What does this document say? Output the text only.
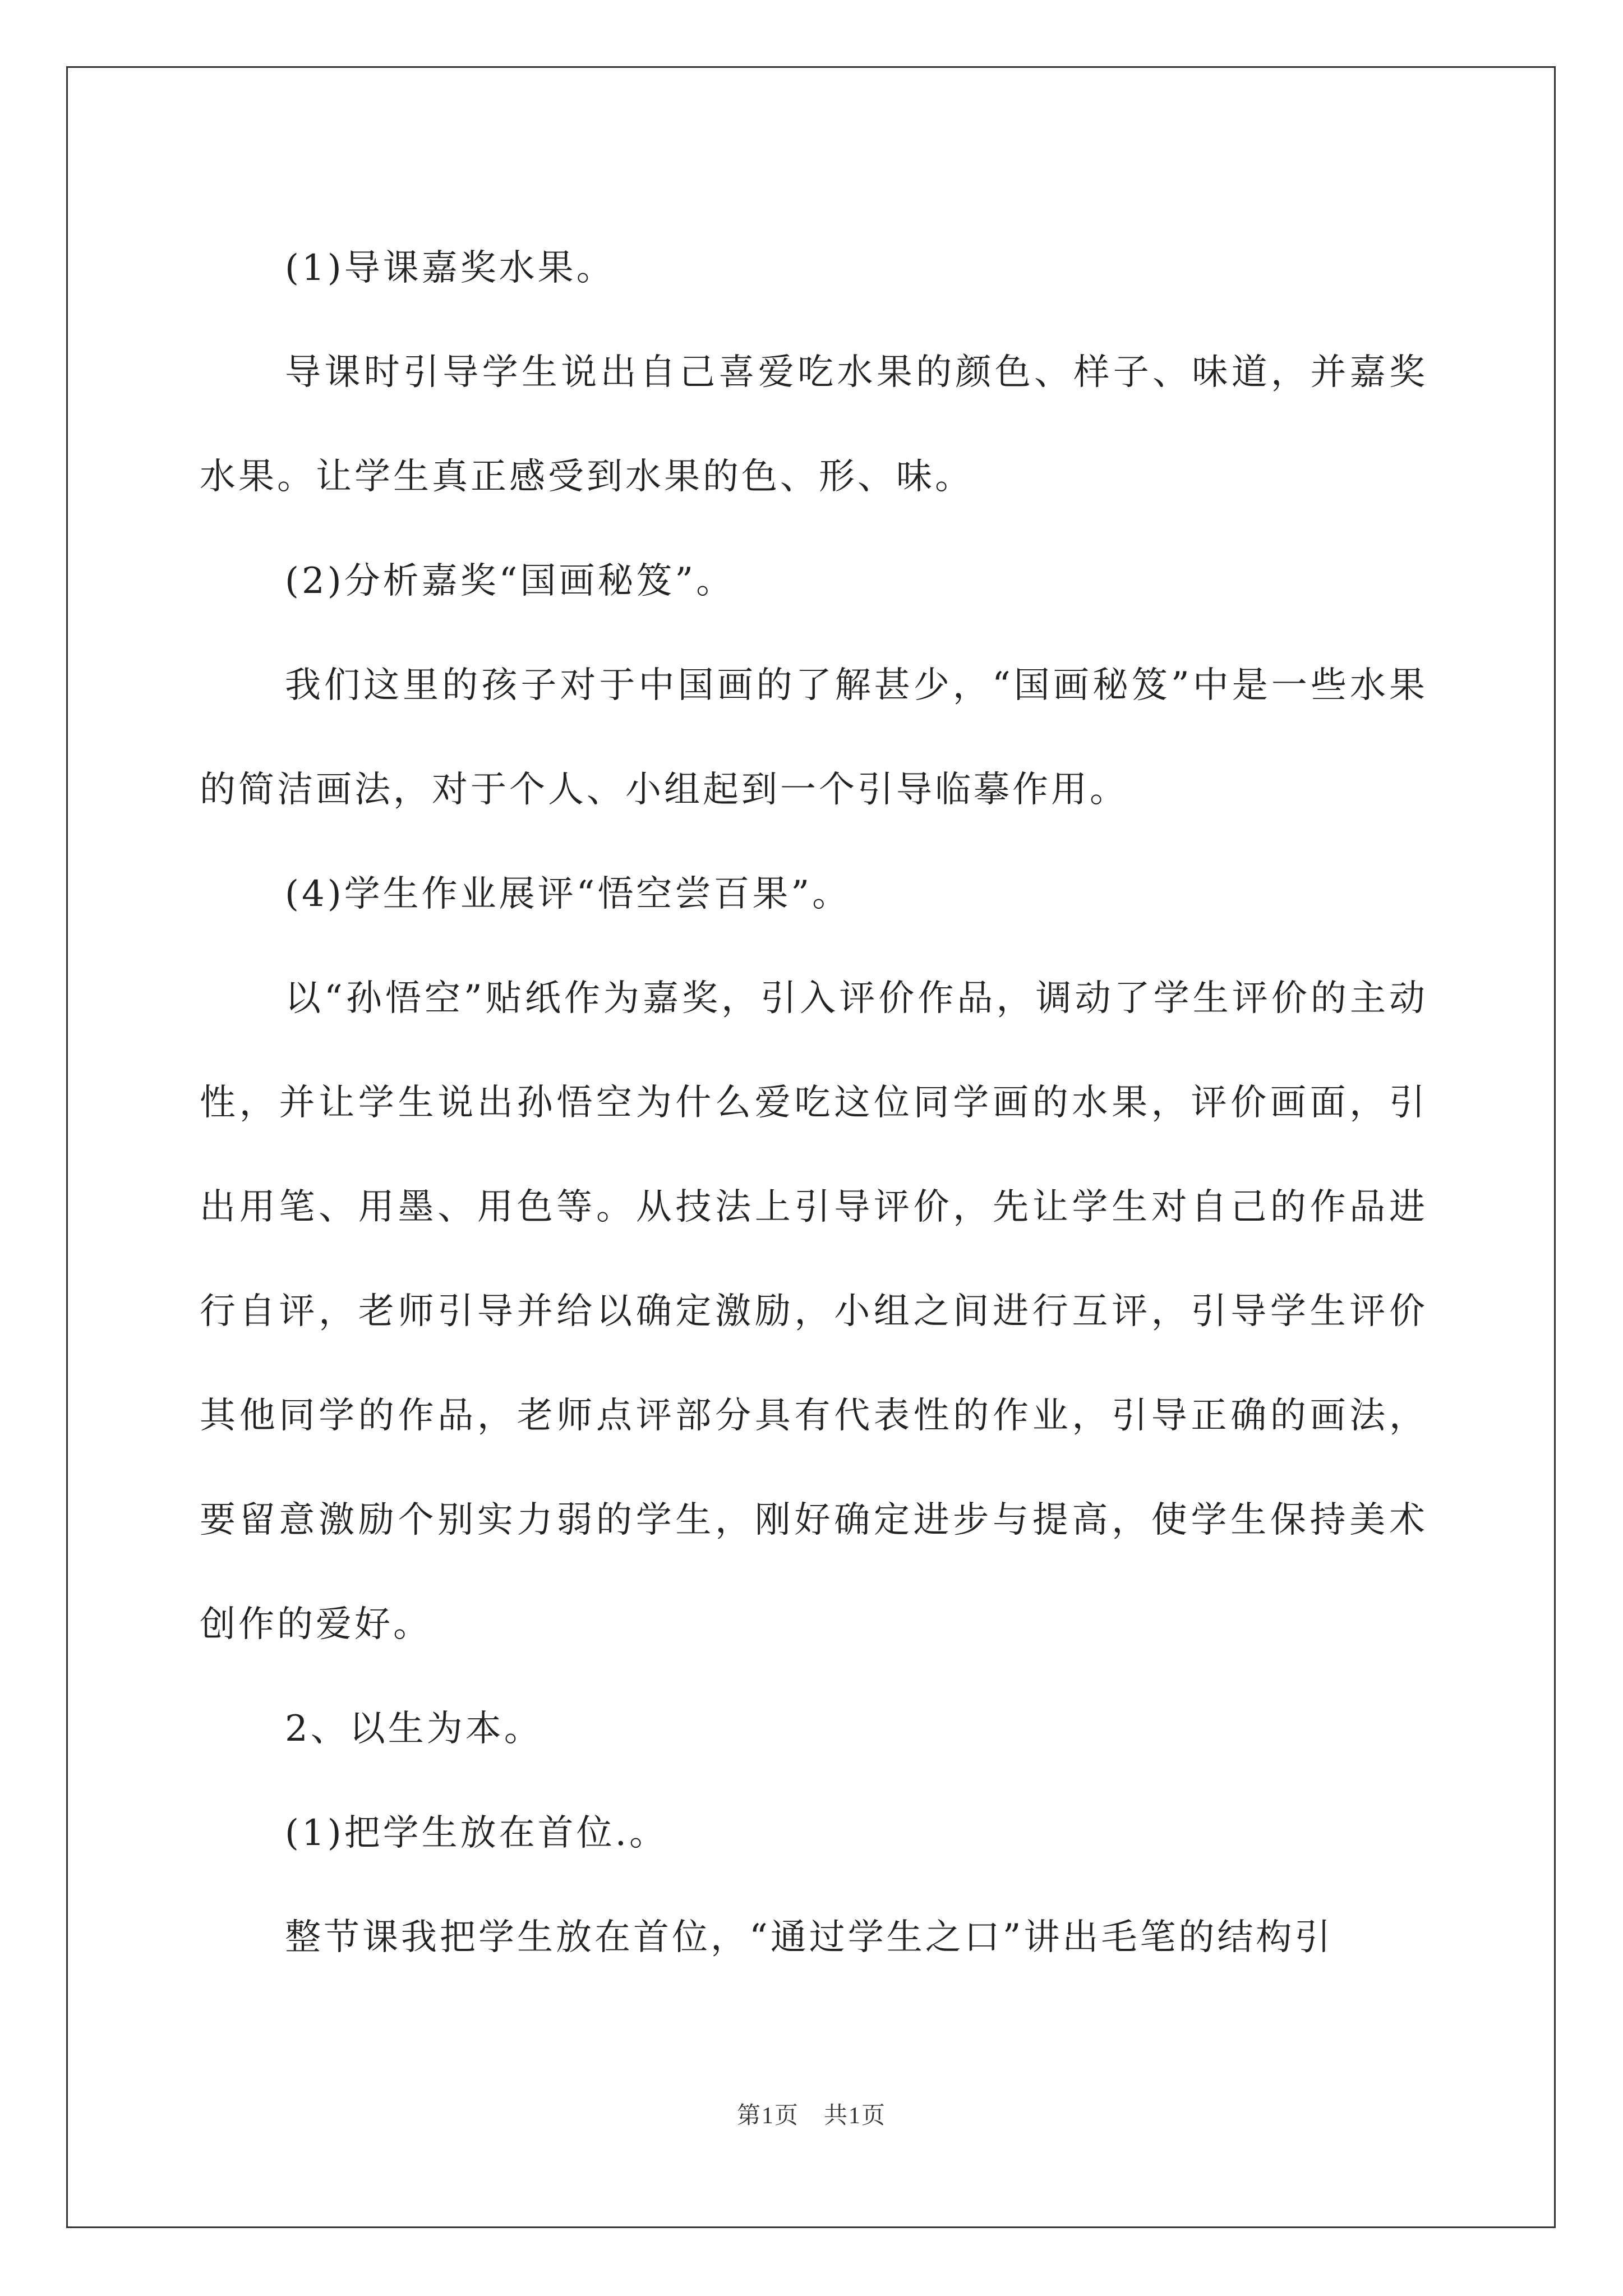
(1)导课嘉奖水果。

导课时引导学生说出自己喜爱吃水果的颜色、样子、味道，并嘉奖水果。让学生真正感受到水果的色、形、味。

(2)分析嘉奖“国画秘笈”。

我们这里的孩子对于中国画的了解甚少，“国画秘笈”中是一些水果的简洁画法，对于个人、小组起到一个引导临摹作用。

(4)学生作业展评“悟空尝百果”。

以“孙悟空”贴纸作为嘉奖，引入评价作品，调动了学生评价的主动性，并让学生说出孙悟空为什么爱吃这位同学画的水果，评价画面，引出用笔、用墨、用色等。从技法上引导评价，先让学生对自己的作品进行自评，老师引导并给以确定激励，小组之间进行互评，引导学生评价其他同学的作品，老师点评部分具有代表性的作业，引导正确的画法，要留意激励个别实力弱的学生，刚好确定进步与提高，使学生保持美术创作的爱好。

2、以生为本。

(1)把学生放在首位.。

整节课我把学生放在首位，“通过学生之口”讲出毛笔的结构引

第1页　共1页
